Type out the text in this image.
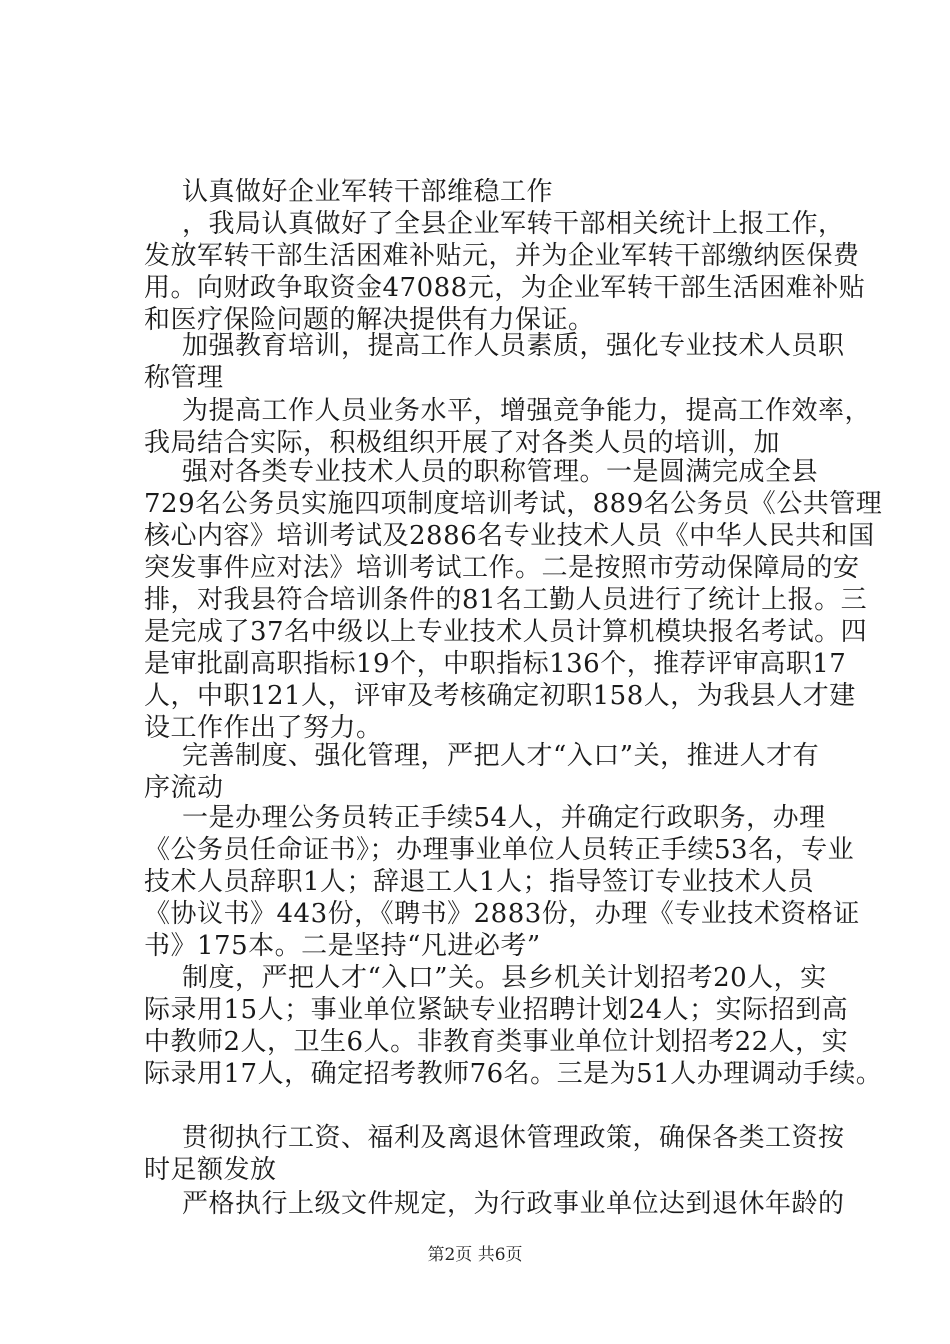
认真做好企业军转干部维稳工作
，我局认真做好了全县企业军转干部相关统计上报工作，
发放军转干部生活困难补贴元，并为企业军转干部缴纳医保费
用。向财政争取资金47088元，为企业军转干部生活困难补贴
和医疗保险问题的解决提供有力保证。
加强教育培训，提高工作人员素质，强化专业技术人员职
称管理
为提高工作人员业务水平，增强竞争能力，提高工作效率，
我局结合实际，积极组织开展了对各类人员的培训，加
强对各类专业技术人员的职称管理。一是圆满完成全县
729名公务员实施四项制度培训考试，889名公务员《公共管理
核心内容》培训考试及2886名专业技术人员《中华人民共和国
突发事件应对法》培训考试工作。二是按照市劳动保障局的安
排，对我县符合培训条件的81名工勤人员进行了统计上报。三
是完成了37名中级以上专业技术人员计算机模块报名考试。四
是审批副高职指标19个，中职指标136个，推荐评审高职17
人，中职121人，评审及考核确定初职158人，为我县人才建
设工作作出了努力。
完善制度、强化管理，严把人才“入口”关，推进人才有
序流动
一是办理公务员转正手续54人，并确定行政职务，办理
《公务员任命证书》；办理事业单位人员转正手续53名，专业
技术人员辞职1人；辞退工人1人；指导签订专业技术人员
《协议书》443份，《聘书》2883份，办理《专业技术资格证
书》175本。二是坚持“凡进必考”
制度，严把人才“入口”关。县乡机关计划招考20人，实
际录用15人；事业单位紧缺专业招聘计划24人；实际招到高
中教师2人，卫生6人。非教育类事业单位计划招考22人，实
际录用17人，确定招考教师76名。三是为51人办理调动手续。
贯彻执行工资、福利及离退休管理政策，确保各类工资按
时足额发放
严格执行上级文件规定，为行政事业单位达到退休年龄的
第2页 共6页
